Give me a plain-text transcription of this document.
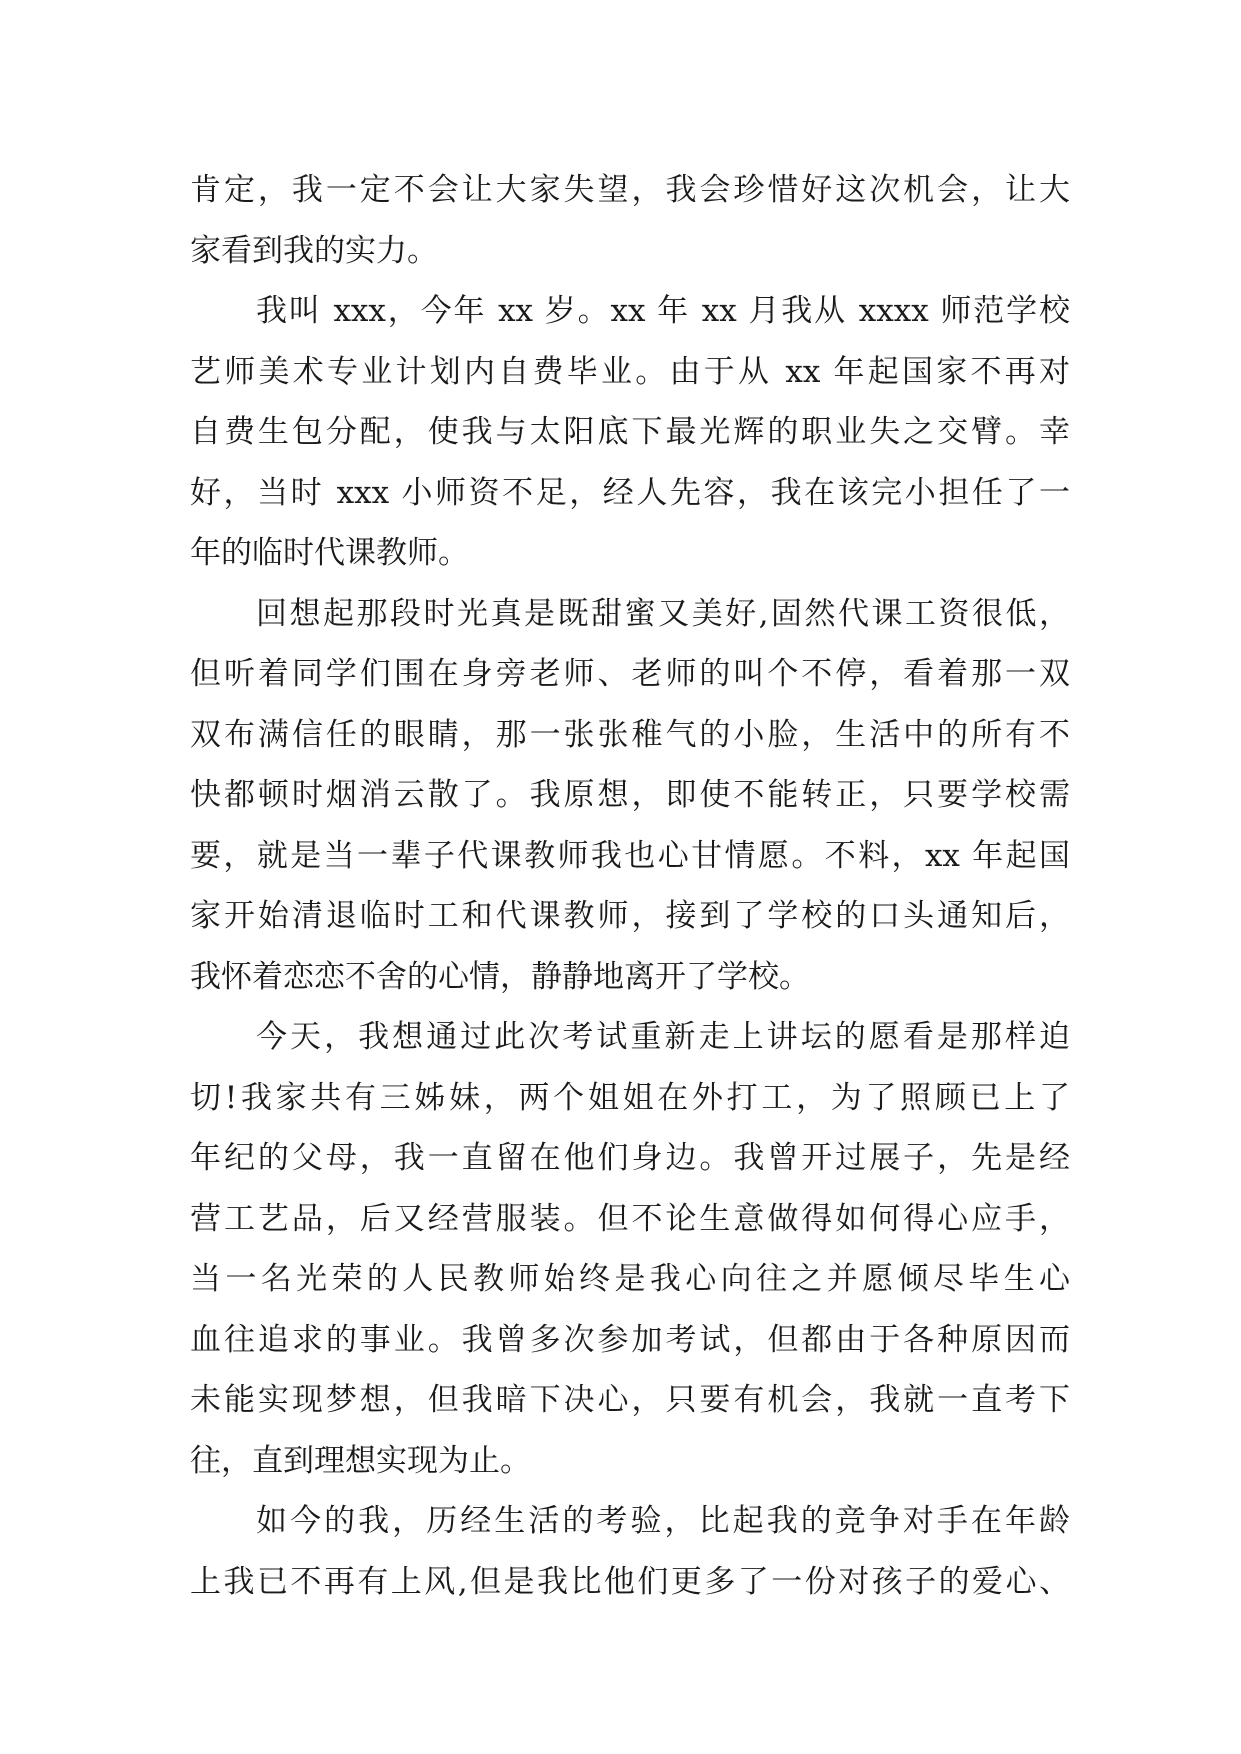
肯定，我一定不会让大家失望，我会珍惜好这次机会，让大
家看到我的实力。
我叫 xxx，今年 xx 岁。xx 年 xx 月我从 xxxx 师范学校
艺师美术专业计划内自费毕业。由于从 xx 年起国家不再对
自费生包分配，使我与太阳底下最光辉的职业失之交臂。幸
好，当时 xxx 小师资不足，经人先容，我在该完小担任了一
年的临时代课教师。
回想起那段时光真是既甜蜜又美好,固然代课工资很低，
但听着同学们围在身旁老师、老师的叫个不停，看着那一双
双布满信任的眼睛，那一张张稚气的小脸，生活中的所有不
快都顿时烟消云散了。我原想，即使不能转正，只要学校需
要，就是当一辈子代课教师我也心甘情愿。不料，xx 年起国
家开始清退临时工和代课教师，接到了学校的口头通知后，
我怀着恋恋不舍的心情，静静地离开了学校。
今天，我想通过此次考试重新走上讲坛的愿看是那样迫
切!我家共有三姊妹，两个姐姐在外打工，为了照顾已上了
年纪的父母，我一直留在他们身边。我曾开过展子，先是经
营工艺品，后又经营服装。但不论生意做得如何得心应手，
当一名光荣的人民教师始终是我心向往之并愿倾尽毕生心
血往追求的事业。我曾多次参加考试，但都由于各种原因而
未能实现梦想，但我暗下决心，只要有机会，我就一直考下
往，直到理想实现为止。
如今的我，历经生活的考验，比起我的竞争对手在年龄
上我已不再有上风,但是我比他们更多了一份对孩子的爱心、
